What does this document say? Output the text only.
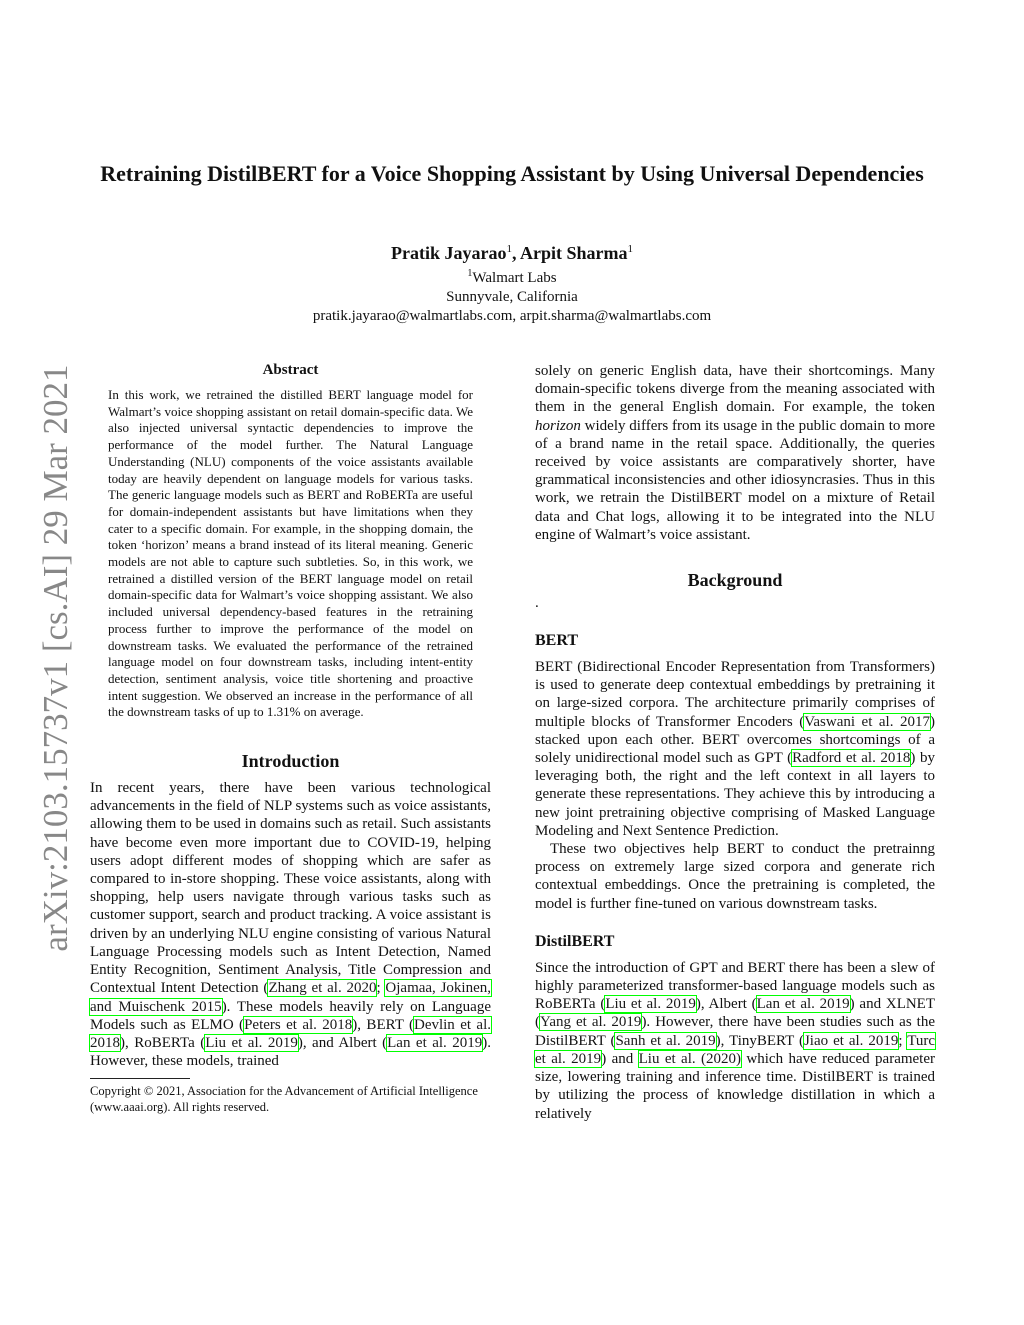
Retraining DistilBERT for a Voice Shopping Assistant by Using Universal Dependencies
Pratik Jayarao$^1$, Arpit Sharma$^1$
$^1$Walmart Labs
Sunnyvale, California
pratik.jayarao@walmartlabs.com, arpit.sharma@walmartlabs.com
arXiv:2103.15737v1 [cs.AI] 29 Mar 2021	Abstract

In this work, we retrained the distilled BERT language model for Walmart’s voice shopping assistant on retail domain-specific data. We also injected universal syntactic dependencies to improve the performance of the model further. The Natural Language Understanding (NLU) components of the voice assistants available today are heavily dependent on language models for various tasks. The generic language models such as BERT and RoBERTa are useful for domain-independent assistants but have limitations when they cater to a specific domain. For example, in the shopping domain, the token ‘horizon’ means a brand instead of its literal meaning. Generic models are not able to capture such subtleties. So, in this work, we retrained a distilled version of the BERT language model on retail domain-specific data for Walmart’s voice shopping assistant. We also included universal dependency-based features in the retraining process further to improve the performance of the model on downstream tasks. We evaluated the performance of the retrained language model on four downstream tasks, including intent-entity detection, sentiment analysis, voice title shortening and proactive intent suggestion. We observed an increase in the performance of all the downstream tasks of up to 1.31% on average.

Introduction

In recent years, there have been various technological advancements in the field of NLP systems such as voice assistants, allowing them to be used in domains such as retail. Such assistants have become even more important due to COVID-19, helping users adopt different modes of shopping which are safer as compared to in-store shopping. These voice assistants, along with shopping, help users navigate through various tasks such as customer support, search and product tracking. A voice assistant is driven by an underlying NLU engine consisting of various Natural Language Processing models such as Intent Detection, Named Entity Recognition, Sentiment Analysis, Title Compression and Contextual Intent Detection (Zhang et al. 2020; Ojamaa, Jokinen, and Muischenk 2015). These models heavily rely on Language Models such as ELMO (Peters et al. 2018), BERT (Devlin et al. 2018), RoBERTa (Liu et al. 2019), and Albert (Lan et al. 2019). However, these models, trained

Copyright © 2021, Association for the Advancement of Artificial Intelligence (www.aaai.org). All rights reserved.

solely on generic English data, have their shortcomings. Many domain-specific tokens diverge from the meaning associated with them in the general English domain. For example, the token horizon widely differs from its usage in the public domain to more of a brand name in the retail space. Additionally, the queries received by voice assistants are comparatively shorter, have grammatical inconsistencies and other idiosyncrasies. Thus in this work, we retrain the DistilBERT model on a mixture of Retail data and Chat logs, allowing it to be integrated into the NLU engine of Walmart’s voice assistant.

Background

.

BERT

BERT (Bidirectional Encoder Representation from Transformers) is used to generate deep contextual embeddings by pretraining it on large-sized corpora. The architecture primarily comprises of multiple blocks of Transformer Encoders (Vaswani et al. 2017) stacked upon each other. BERT overcomes shortcomings of a solely unidirectional model such as GPT (Radford et al. 2018) by leveraging both, the right and the left context in all layers to generate these representations. They achieve this by introducing a new joint pretraining objective comprising of Masked Language Modeling and Next Sentence Prediction.

These two objectives help BERT to conduct the pretrainng process on extremely large sized corpora and generate rich contextual embeddings. Once the pretraining is completed, the model is further fine-tuned on various downstream tasks.

DistilBERT

Since the introduction of GPT and BERT there has been a slew of highly parameterized transformer-based language models such as RoBERTa (Liu et al. 2019), Albert (Lan et al. 2019) and XLNET (Yang et al. 2019). However, there have been studies such as the DistilBERT (Sanh et al. 2019), TinyBERT (Jiao et al. 2019; Turc et al. 2019) and Liu et al. (2020) which have reduced parameter size, lowering training and inference time. DistilBERT is trained by utilizing the process of knowledge distillation in which a relatively
